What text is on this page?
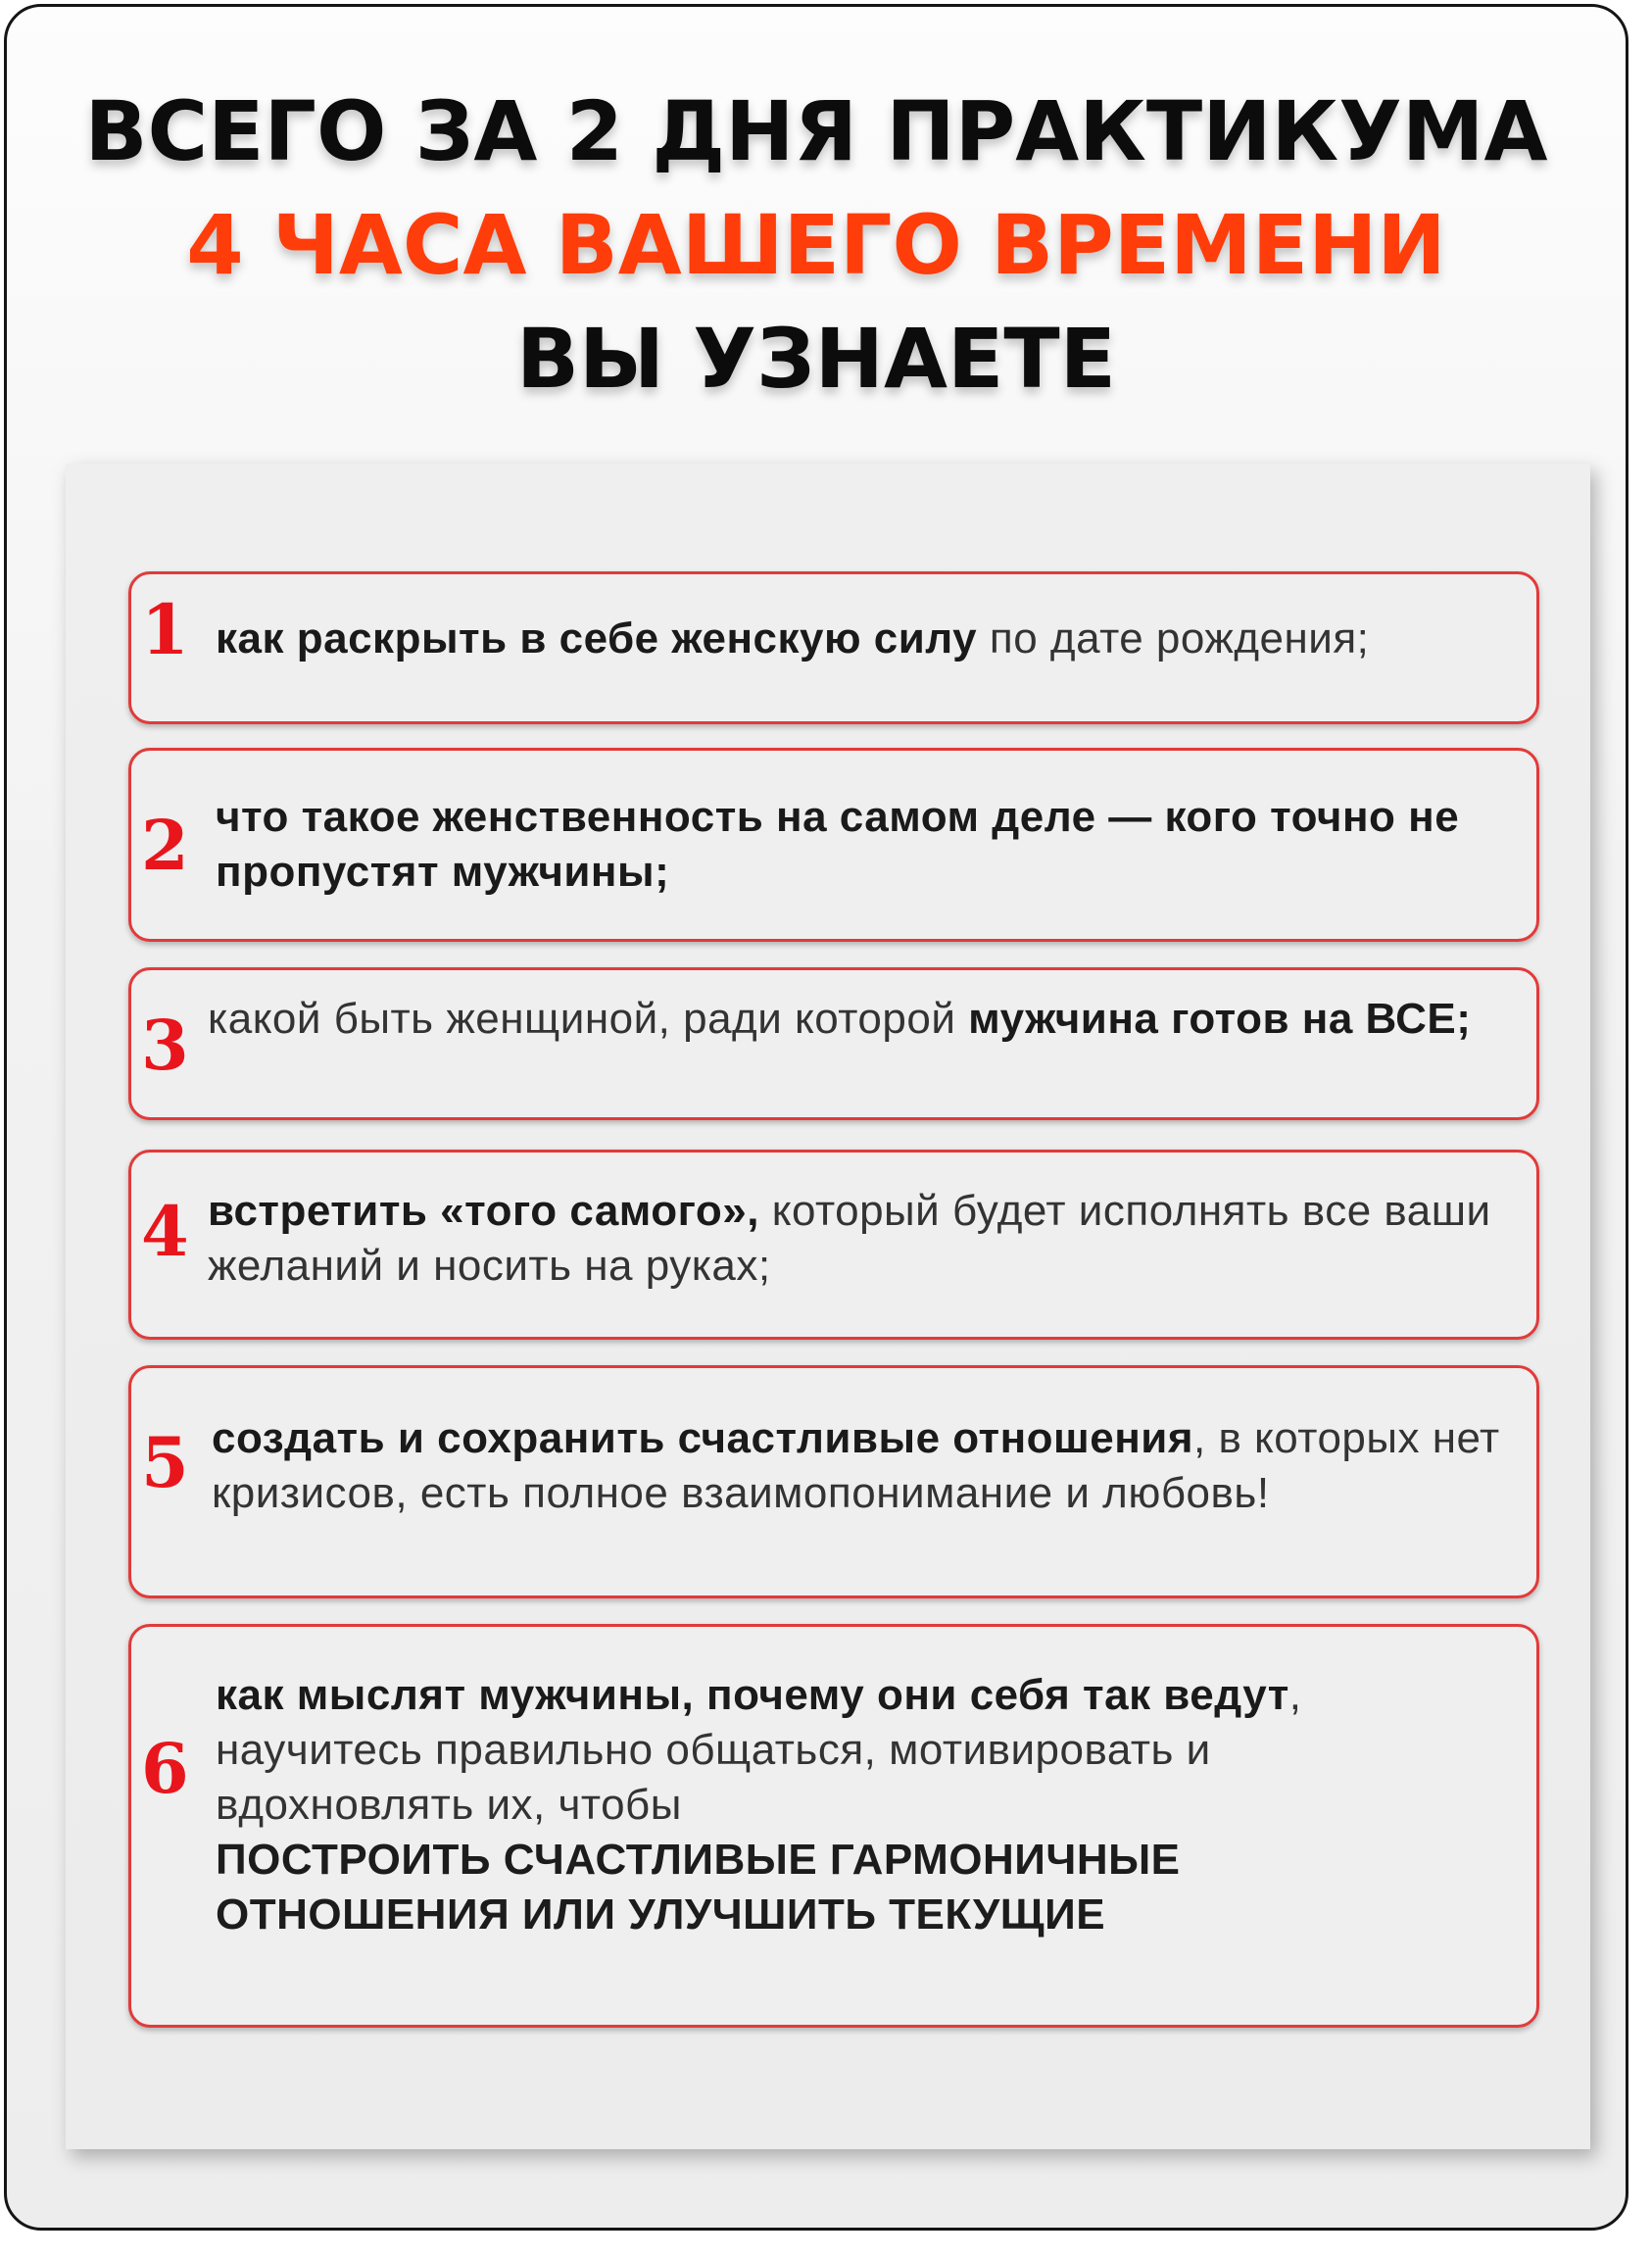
ВСЕГО ЗА 2 ДНЯ ПРАКТИКУМА
4 ЧАСА ВАШЕГО ВРЕМЕНИ
ВЫ УЗНАЕТЕ
1 как раскрыть в себе женскую силу по дате рождения;
2 что такое женственность на самом деле — кого точно не пропустят мужчины;
3 какой быть женщиной, ради которой мужчина готов на ВСЕ;
4 встретить «того самого», который будет исполнять все ваши желаний и носить на руках;
5 создать и сохранить счастливые отношения, в которых нет кризисов, есть полное взаимопонимание и любовь!
6
как мыслят мужчины, почему они себя так ведут, научитесь правильно общаться, мотивировать и вдохновлять их, чтобы
ПОСТРОИТЬ СЧАСТЛИВЫЕ ГАРМОНИЧНЫЕ ОТНОШЕНИЯ ИЛИ УЛУЧШИТЬ ТЕКУЩИЕ
